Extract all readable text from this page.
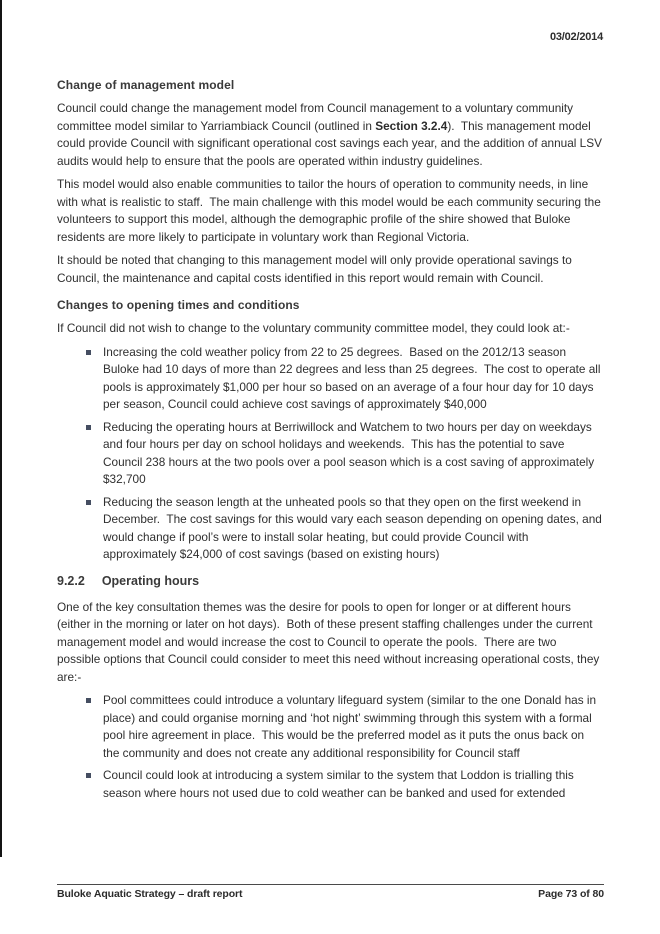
03/02/2014
Change of management model

Council could change the management model from Council management to a voluntary community committee model similar to Yarriambiack Council (outlined in Section 3.2.4).  This management model could provide Council with significant operational cost savings each year, and the addition of annual LSV audits would help to ensure that the pools are operated within industry guidelines.

This model would also enable communities to tailor the hours of operation to community needs, in line with what is realistic to staff.  The main challenge with this model would be each community securing the volunteers to support this model, although the demographic profile of the shire showed that Buloke residents are more likely to participate in voluntary work than Regional Victoria.

It should be noted that changing to this management model will only provide operational savings to Council, the maintenance and capital costs identified in this report would remain with Council.

Changes to opening times and conditions

If Council did not wish to change to the voluntary community committee model, they could look at:-

Increasing the cold weather policy from 22 to 25 degrees.  Based on the 2012/13 season Buloke had 10 days of more than 22 degrees and less than 25 degrees.  The cost to operate all pools is approximately $1,000 per hour so based on an average of a four hour day for 10 days per season, Council could achieve cost savings of approximately $40,000
Reducing the operating hours at Berriwillock and Watchem to two hours per day on weekdays and four hours per day on school holidays and weekends.  This has the potential to save Council 238 hours at the two pools over a pool season which is a cost saving of approximately $32,700
Reducing the season length at the unheated pools so that they open on the first weekend in December.  The cost savings for this would vary each season depending on opening dates, and would change if pool’s were to install solar heating, but could provide Council with approximately $24,000 of cost savings (based on existing hours)
9.2.2 Operating hours

One of the key consultation themes was the desire for pools to open for longer or at different hours (either in the morning or later on hot days).  Both of these present staffing challenges under the current management model and would increase the cost to Council to operate the pools.  There are two possible options that Council could consider to meet this need without increasing operational costs, they are:-

Pool committees could introduce a voluntary lifeguard system (similar to the one Donald has in place) and could organise morning and ‘hot night’ swimming through this system with a formal pool hire agreement in place.  This would be the preferred model as it puts the onus back on the community and does not create any additional responsibility for Council staff
Council could look at introducing a system similar to the system that Loddon is trialling this season where hours not used due to cold weather can be banked and used for extended
Buloke Aquatic Strategy – draft report	Page 73 of 80
